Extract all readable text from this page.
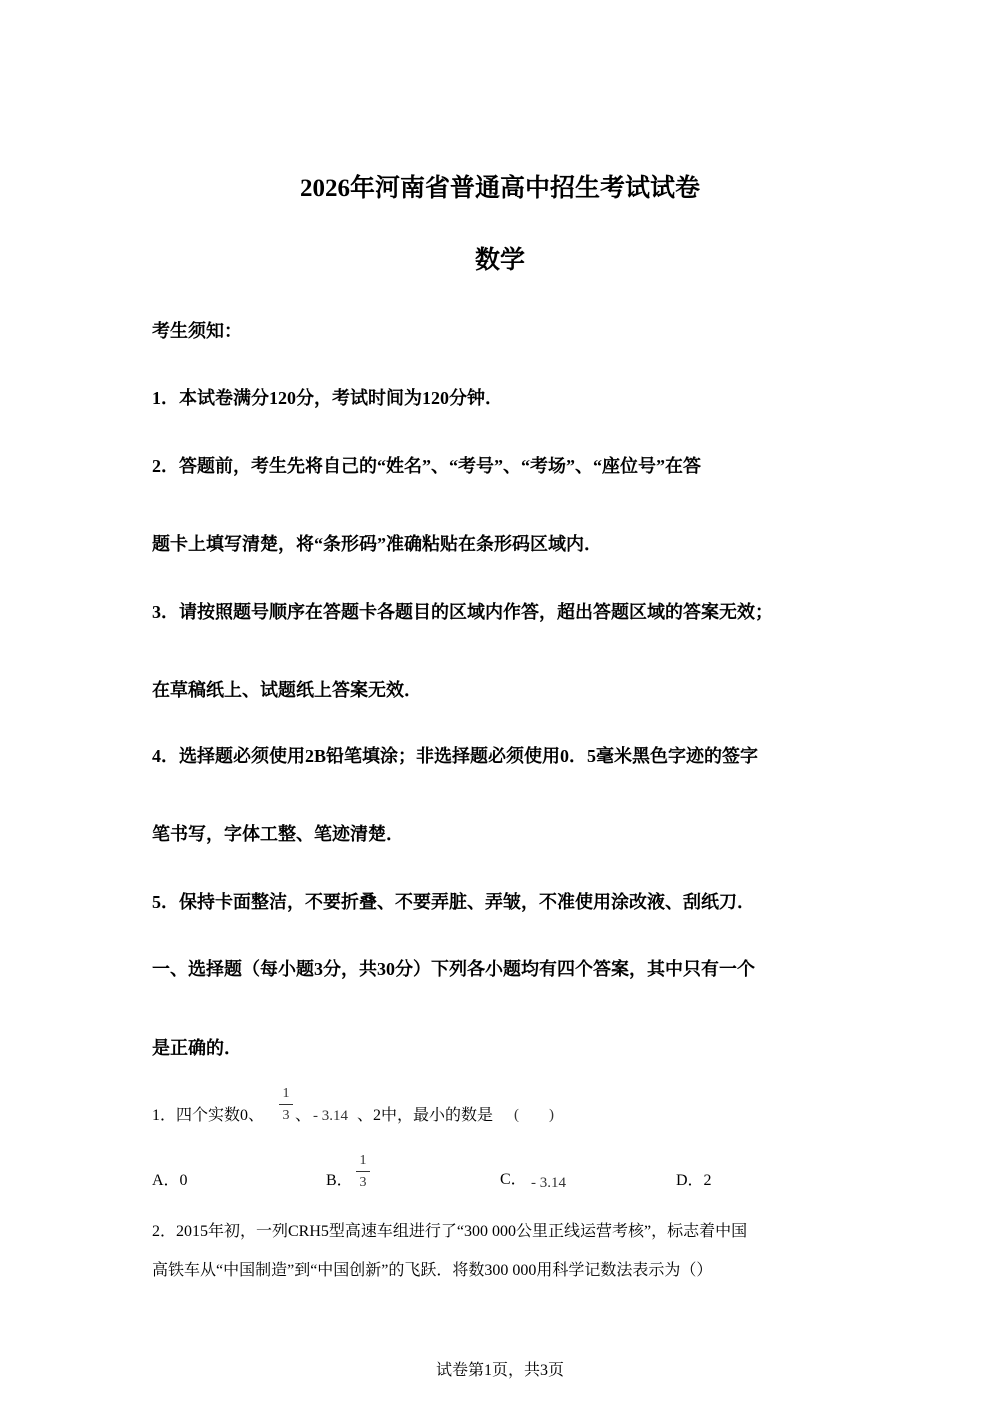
2026年河南省普通高中招生考试试卷
数学
考生须知：
1．本试卷满分120分，考试时间为120分钟．
2．答题前，考生先将自己的“姓名”、“考号”、“考场”、“座位号”在答
题卡上填写清楚，将“条形码”准确粘贴在条形码区域内．
3．请按照题号顺序在答题卡各题目的区域内作答，超出答题区域的答案无效；
在草稿纸上、试题纸上答案无效．
4．选择题必须使用2B铅笔填涂；非选择题必须使用0．5毫米黑色字迹的签字
笔书写，字体工整、笔迹清楚．
5．保持卡面整洁，不要折叠、不要弄脏、弄皱，不准使用涂改液、刮纸刀．
一、选择题（每小题3分，共30分）下列各小题均有四个答案，其中只有一个
是正确的．
1．四个实数0、
1
3 、 - 3.14 、2中，最小的数是 (        )
A．0	B．
1
3	C． - 3.14	D．2
2．2015年初，一列CRH5型高速车组进行了“300 000公里正线运营考核”，标志着中国
高铁车从“中国制造”到“中国创新”的飞跃．将数300 000用科学记数法表示为（）
试卷第1页，共3页
